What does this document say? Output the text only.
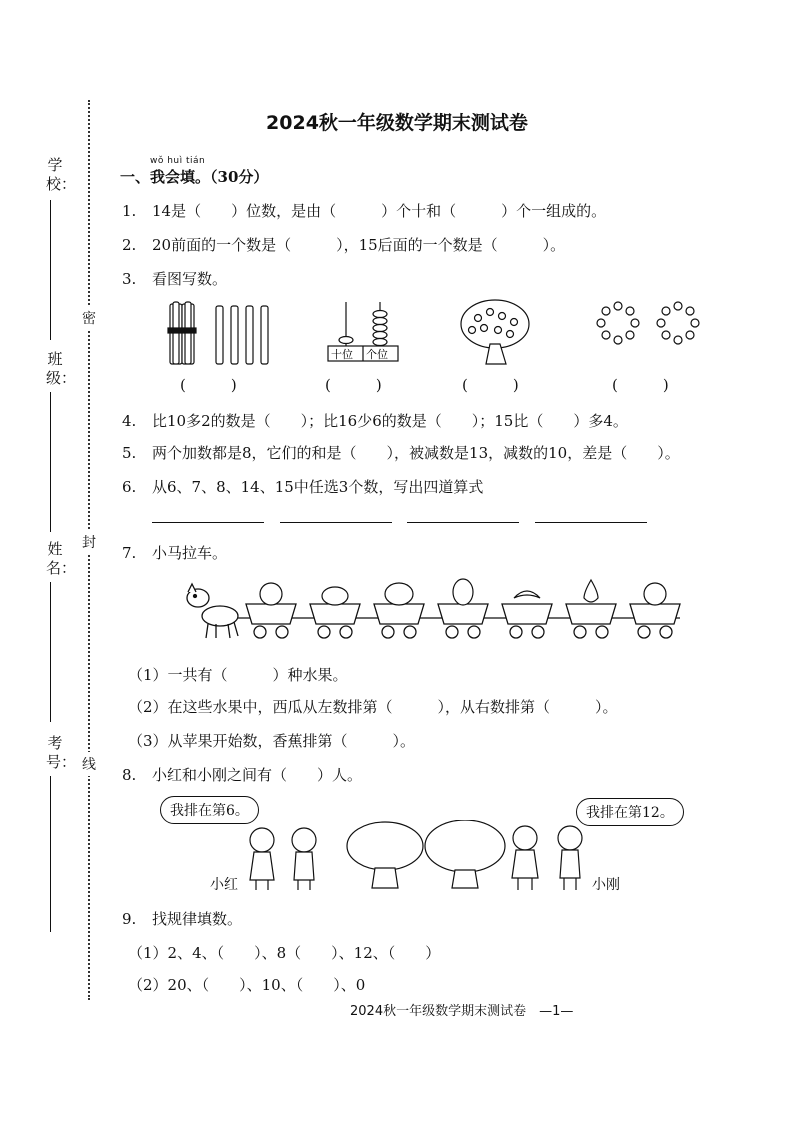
学校：
班级：
姓名：
考号：
密
封
线
2024秋一年级数学期末测试卷
wǒ huì tián
一、我会填。（30分）
1. 14是（　　）位数，是由（　　　）个十和（　　　）个一组成的。
2. 20前面的一个数是（　　　），15后面的一个数是（　　　）。
3. 看图写数。
十位 个位
(　　　)	(　　　)	(　　　)	(　　　)
4. 比10多2的数是（　　）；比16少6的数是（　　）；15比（　　）多4。
5. 两个加数都是8，它们的和是（　　），被减数是13，减数的10，差是（　　）。
6. 从6、7、8、14、15中任选3个数，写出四道算式
7. 小马拉车。
（1）一共有（　　　）种水果。
（2）在这些水果中，西瓜从左数排第（　　　），从右数排第（　　　）。
（3）从苹果开始数，香蕉排第（　　　）。
8. 小红和小刚之间有（　　）人。
我排在第6。	我排在第12。
小红	小刚
9. 找规律填数。
（1）2、4、（　　）、8（　　）、12、（　　）
（2）20、（　　）、10、（　　）、0
2024秋一年级数学期末测试卷　—1—
